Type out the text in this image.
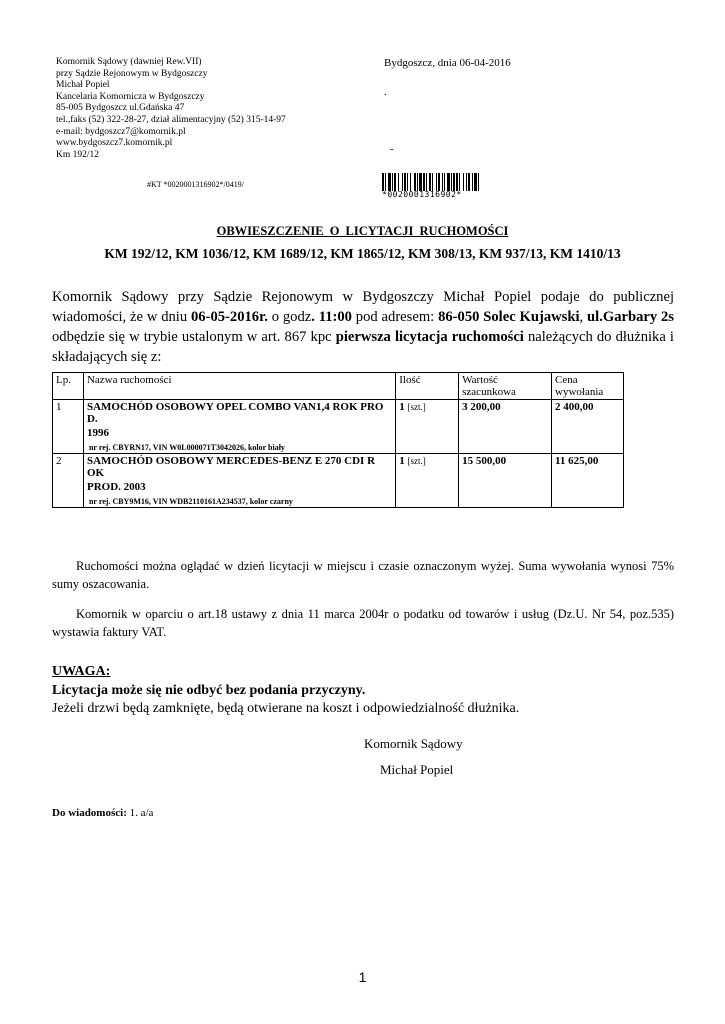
Komornik Sądowy (dawniej Rew.VII)
przy Sądzie Rejonowym w Bydgoszczy
Michał Popiel
Kancelaria Komornicza w Bydgoszczy
85-005 Bydgoszcz ul.Gdańska 47
tel.,faks (52) 322-28-27, dział alimentacyjny (52) 315-14-97
e-mail: bydgoszcz7@komornik.pl
www.bydgoszcz7.komornik.pl
Km 192/12
Bydgoszcz, dnia 06-04-2016
.
-
#KT *0020001316902*/0419/
*0020001316902*
OBWIESZCZENIE O LICYTACJI RUCHOMOŚCI
KM 192/12, KM 1036/12, KM 1689/12, KM 1865/12, KM 308/13, KM 937/13, KM 1410/13
Komornik Sądowy przy Sądzie Rejonowym w Bydgoszczy Michał Popiel podaje do publicznej wiadomości, że w dniu 06-05-2016r. o godz. 11:00 pod adresem: 86-050 Solec Kujawski, ul.Garbary 2s odbędzie się w trybie ustalonym w art. 867 kpc pierwsza licytacja ruchomości należących do dłużnika i składających się z:
Lp.	Nazwa ruchomości	Ilość	Wartość szacunkowa	Cena wywołania
1	SAMOCHÓD OSOBOWY OPEL COMBO VAN1,4 ROK PRO D.
1996
nr rej. CBYRN17, VIN W0L000071T3042026, kolor biały	1 [szt.]	3 200,00	2 400,00
2	SAMOCHÓD OSOBOWY MERCEDES-BENZ E 270 CDI R OK
PROD. 2003
nr rej. CBY9M16, VIN WDB2110161A234537, kolor czarny	1 [szt.]	15 500,00	11 625,00
Ruchomości można oglądać w dzień licytacji w miejscu i czasie oznaczonym wyżej. Suma wywołania wynosi 75% sumy oszacowania.
Komornik w oparciu o art.18 ustawy z dnia 11 marca 2004r o podatku od towarów i usług (Dz.U. Nr 54, poz.535) wystawia faktury VAT.
UWAGA:
Licytacja może się nie odbyć bez podania przyczyny.
Jeżeli drzwi będą zamknięte, będą otwierane na koszt i odpowiedzialność dłużnika.
Komornik Sądowy
Michał Popiel
Do wiadomości: 1. a/a
1
